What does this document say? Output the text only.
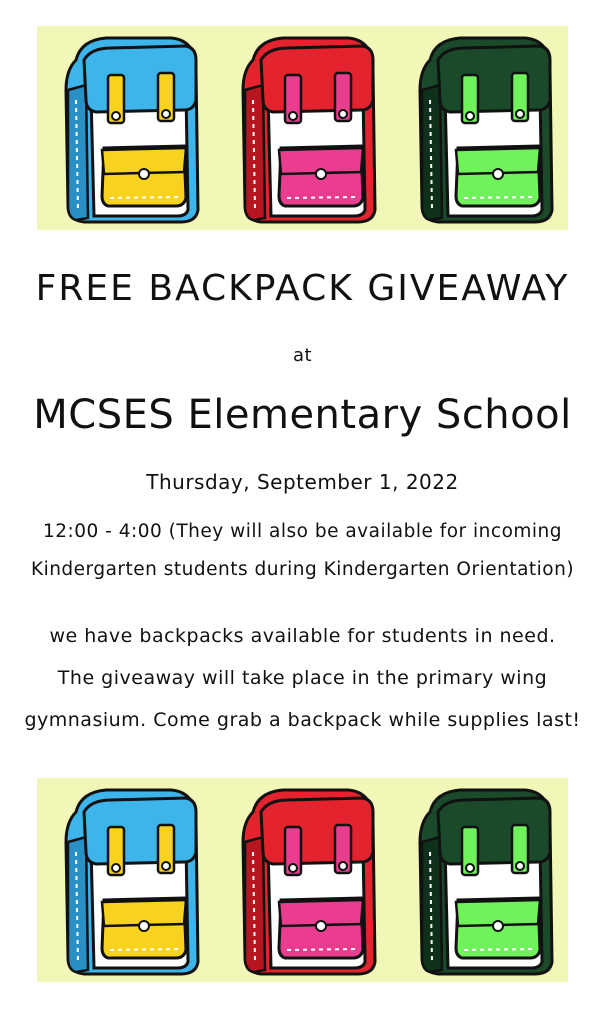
FREE BACKPACK GIVEAWAY
at
MCSES Elementary School
Thursday, September 1, 2022
12:00 - 4:00 (They will also be available for incoming
Kindergarten students during Kindergarten Orientation)
we have backpacks available for students in need.
The giveaway will take place in the primary wing
gymnasium. Come grab a backpack while supplies last!
